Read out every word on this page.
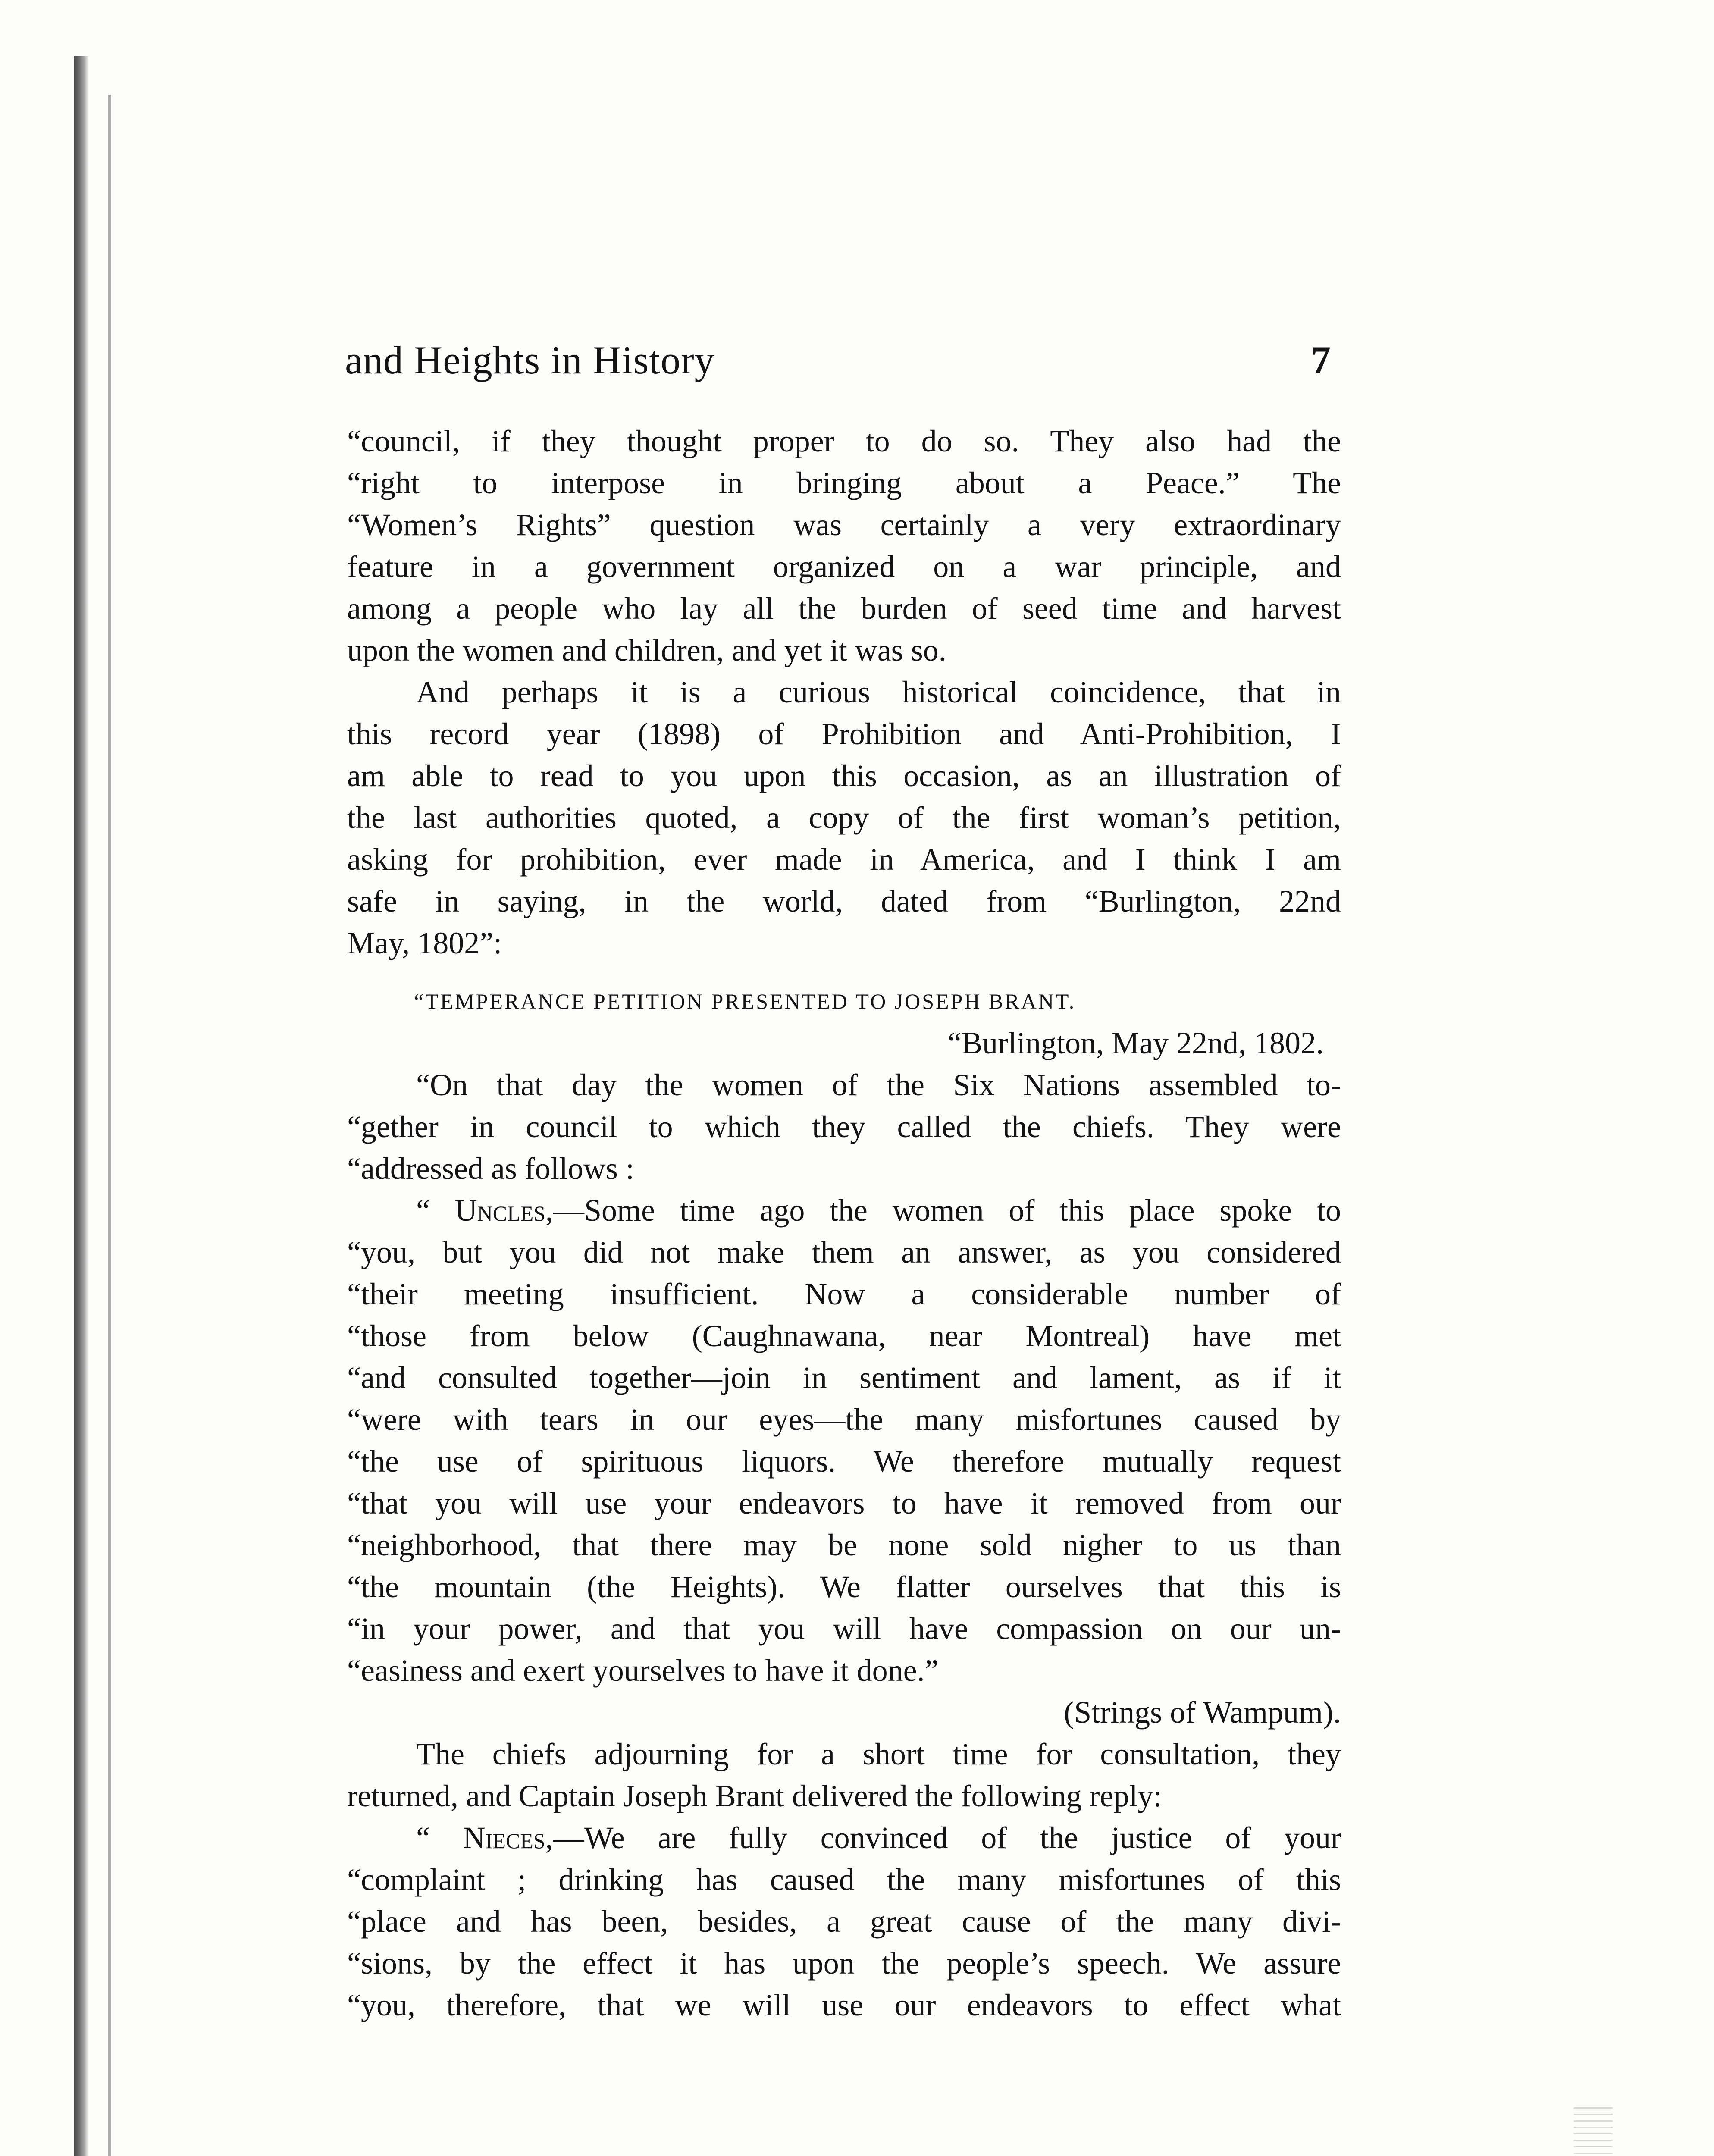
and Heights in History	7
“council, if they thought proper to do so. They also had the
“right to interpose in bringing about a Peace.” The
“Women’s Rights” question was certainly a very extraordinary
feature in a government organized on a war principle, and
among a people who lay all the burden of seed time and harvest
upon the women and children, and yet it was so.
And perhaps it is a curious historical coincidence, that in
this record year (1898) of Prohibition and Anti-Prohibition, I
am able to read to you upon this occasion, as an illustration of
the last authorities quoted, a copy of the first woman’s petition,
asking for prohibition, ever made in America, and I think I am
safe in saying, in the world, dated from “Burlington, 22nd
May, 1802”:
“TEMPERANCE PETITION PRESENTED TO JOSEPH BRANT.
“Burlington, May 22nd, 1802.
“On that day the women of the Six Nations assembled to-
“gether in council to which they called the chiefs. They were
“addressed as follows :
“ Uncles,—Some time ago the women of this place spoke to
“you, but you did not make them an answer, as you considered
“their meeting insufficient. Now a considerable number of
“those from below (Caughnawana, near Montreal) have met
“and consulted together—join in sentiment and lament, as if it
“were with tears in our eyes—the many misfortunes caused by
“the use of spirituous liquors. We therefore mutually request
“that you will use your endeavors to have it removed from our
“neighborhood, that there may be none sold nigher to us than
“the mountain (the Heights). We flatter ourselves that this is
“in your power, and that you will have compassion on our un-
“easiness and exert yourselves to have it done.”
(Strings of Wampum).
The chiefs adjourning for a short time for consultation, they
returned, and Captain Joseph Brant delivered the following reply:
“ Nieces,—We are fully convinced of the justice of your
“complaint ; drinking has caused the many misfortunes of this
“place and has been, besides, a great cause of the many divi-
“sions, by the effect it has upon the people’s speech. We assure
“you, therefore, that we will use our endeavors to effect what
